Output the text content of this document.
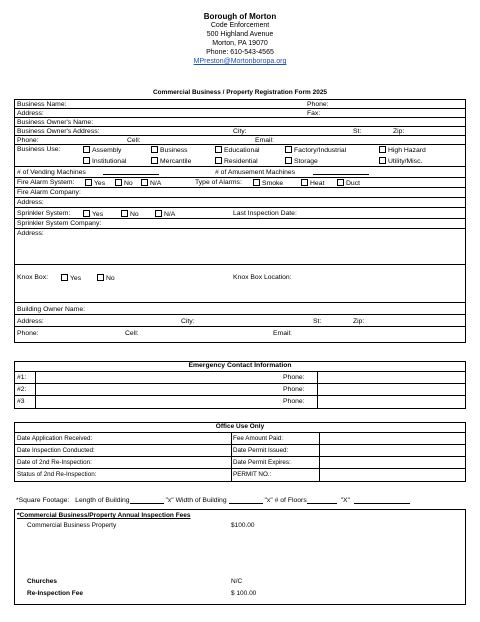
Borough of Morton
Code Enforcement
500 Highland Avenue
Morton, PA 19070
Phone: 610-543-4565
MPreston@Mortonboropa.org
Commercial Business / Property Registration Form 2025
Business Name:	Phone:
Address:	Fax:
Business Owner's Name:
Business Owner's Address:	City:	St:	Zip:
Phone:	Cell:	Email:
Business Use:	Assembly	Business	Educational	Factory/Industrial	High Hazard
Institutional	Mercantile	Residential	Storage	Utility/Misc.
# of Vending Machines	# of Amusement Machines
Fire Alarm System:	Yes	No	N/A	Type of Alarms:	Smoke	Heat	Duct
Fire Alarm Company:
Address:
Sprinkler System:	Yes	No	N/A	Last Inspection Date:
Sprinkler System Company:
Address:
Knox Box:	Yes	No	Knox Box Location:
Building Owner Name:
Address:	City:	St:	Zip:
Phone:	Cell:	Email:
Emergency Contact Information
#1:	Phone:
#2:	Phone:
#3	Phone:
Office Use Only
Date Application Received:	Fee Amount Paid:
Date Inspection Conducted:	Date Permit Issued:
Date of 2nd Re-Inspection:	Date Permit Expires:
Status of 2nd Re-Inspection:	PERMIT NO.:
*Square Footage: Length of Building	"x" Width of Building	"x" # of Floors	"X"
*Commercial Business/Property Annual Inspection Fees
Commercial Business Property	$100.00
Churches	N/C
Re-Inspection Fee	$ 100.00
